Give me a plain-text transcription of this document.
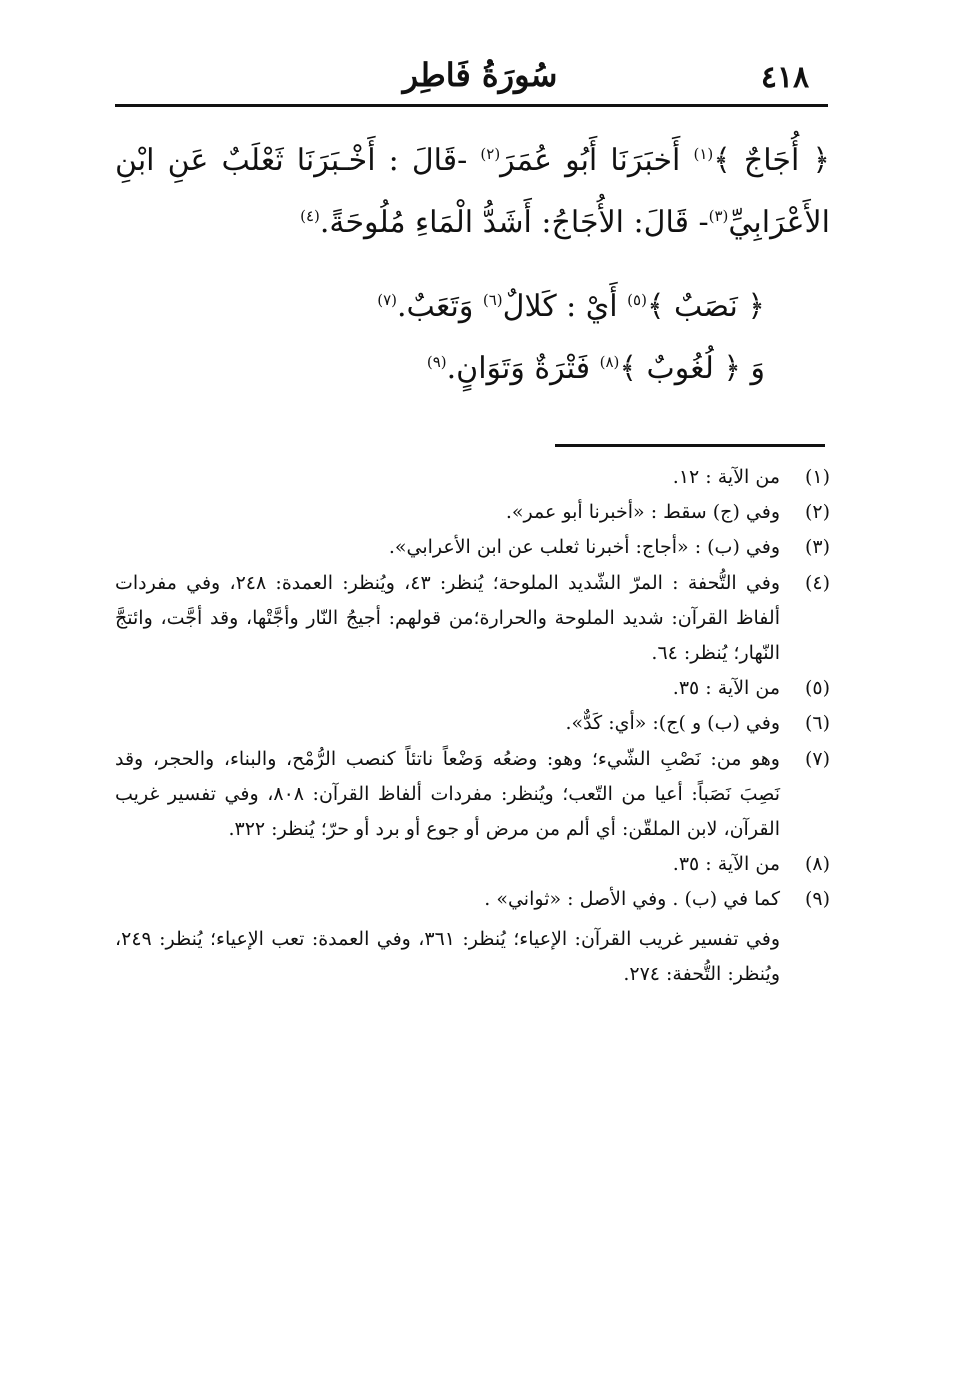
٤١٨
سُورَةُ فَاطِر

﴿ أُجَاجٌ ﴾$^{(١)}$ أَخبَرَنَا أَبُو عُمَرَ$^{(٢)}$ -قَالَ : أَخْـبَرَنَا ثَعْلَبٌ عَنِ ابْنِ الأَعْرَابِيِّ$^{(٣)}$- قَالَ: الأُجَاجُ: أَشَدُّ الْمَاءِ مُلُوحَةً.$^{(٤)}$

﴿ نَصَبٌ ﴾$^{(٥)}$ أَيْ : كَلالٌ$^{(٦)}$ وَتَعَبٌ.$^{(٧)}$

وَ ﴿ لُغُوبٌ ﴾$^{(٨)}$ فَتْرَةٌ وَتَوَانٍ.$^{(٩)}$

(١)
من الآية : ١٢.
(٢)
وفي (ج) سقط : «أخبرنا أبو عمر».
(٣)
وفي (ب) : «أجاج: أخبرنا ثعلب عن ابن الأعرابي».
(٤)
وفي التُّحفة : المرّ الشّديد الملوحة؛ يُنظر: ٤٣، ويُنظر: العمدة: ٢٤٨، وفي مفردات ألفاظ القرآن: شديد الملوحة والحرارة؛من قولهم: أجيجُ النّار وأجَّتْها، وقد أجَّت، وائتجَّ النّهار؛ يُنظر: ٦٤.
(٥)
من الآية : ٣٥.
(٦)
وفي (ب) و )ج): «أي: كَدٌّ».
(٧)
وهو من: نَصْبِ الشّيء؛ وهو: وضعُه وَضْعاً ناتئاً كنصب الرُّمْح، والبناء، والحجر، وقد نَصِبَ نَصَباً: أعيا من التّعب؛ ويُنظر: مفردات ألفاظ القرآن: ٨٠٨، وفي تفسير غريب القرآن، لابن الملقّن: أي ألم من مرض أو جوع أو برد أو حرّ؛ يُنظر: ٣٢٢.
(٨)
من الآية : ٣٥.
(٩)
كما في (ب) . وفي الأصل : «ثواني» .
وفي تفسير غريب القرآن: الإعياء؛ يُنظر: ٣٦١، وفي العمدة: تعب الإعياء؛ يُنظر: ٢٤٩، ويُنظر: التُّحفة: ٢٧٤.
